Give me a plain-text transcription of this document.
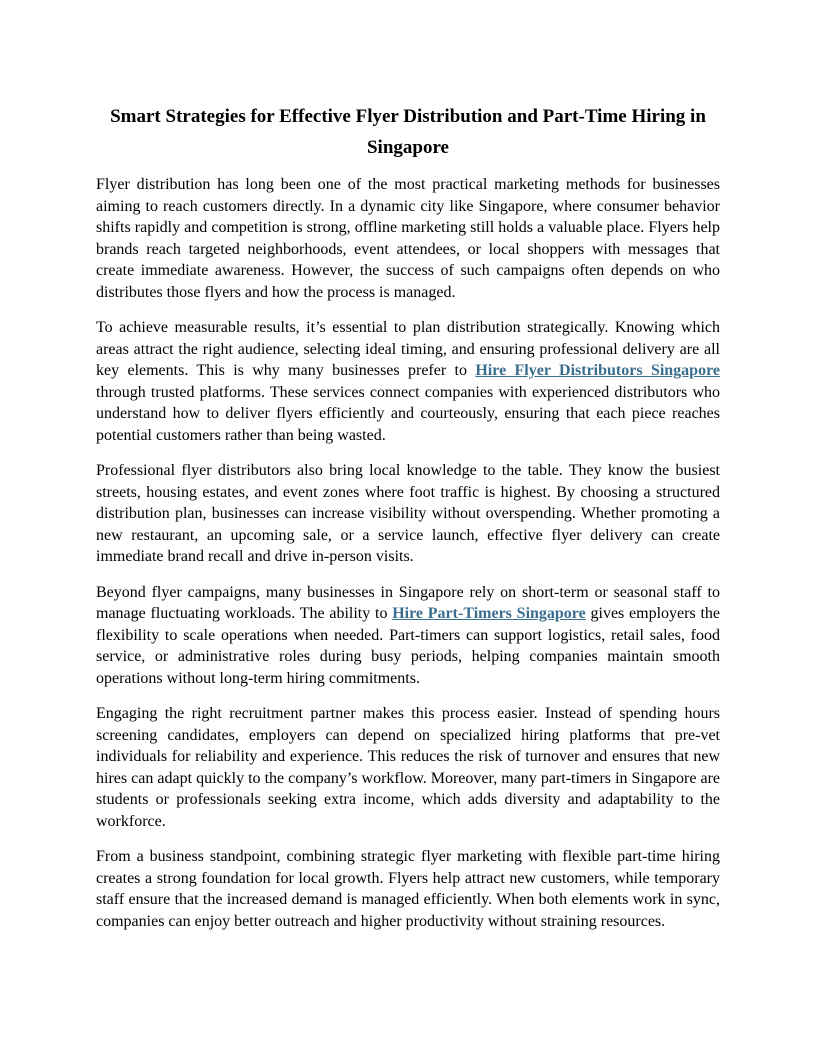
Smart Strategies for Effective Flyer Distribution and Part-Time Hiring in Singapore

Flyer distribution has long been one of the most practical marketing methods for businesses aiming to reach customers directly. In a dynamic city like Singapore, where consumer behavior shifts rapidly and competition is strong, offline marketing still holds a valuable place. Flyers help brands reach targeted neighborhoods, event attendees, or local shoppers with messages that create immediate awareness. However, the success of such campaigns often depends on who distributes those flyers and how the process is managed.

To achieve measurable results, it’s essential to plan distribution strategically. Knowing which areas attract the right audience, selecting ideal timing, and ensuring professional delivery are all key elements. This is why many businesses prefer to Hire Flyer Distributors Singapore through trusted platforms. These services connect companies with experienced distributors who understand how to deliver flyers efficiently and courteously, ensuring that each piece reaches potential customers rather than being wasted.

Professional flyer distributors also bring local knowledge to the table. They know the busiest streets, housing estates, and event zones where foot traffic is highest. By choosing a structured distribution plan, businesses can increase visibility without overspending. Whether promoting a new restaurant, an upcoming sale, or a service launch, effective flyer delivery can create immediate brand recall and drive in-person visits.

Beyond flyer campaigns, many businesses in Singapore rely on short-term or seasonal staff to manage fluctuating workloads. The ability to Hire Part-Timers Singapore gives employers the flexibility to scale operations when needed. Part-timers can support logistics, retail sales, food service, or administrative roles during busy periods, helping companies maintain smooth operations without long-term hiring commitments.

Engaging the right recruitment partner makes this process easier. Instead of spending hours screening candidates, employers can depend on specialized hiring platforms that pre-vet individuals for reliability and experience. This reduces the risk of turnover and ensures that new hires can adapt quickly to the company’s workflow. Moreover, many part-timers in Singapore are students or professionals seeking extra income, which adds diversity and adaptability to the workforce.

From a business standpoint, combining strategic flyer marketing with flexible part-time hiring creates a strong foundation for local growth. Flyers help attract new customers, while temporary staff ensure that the increased demand is managed efficiently. When both elements work in sync, companies can enjoy better outreach and higher productivity without straining resources.
